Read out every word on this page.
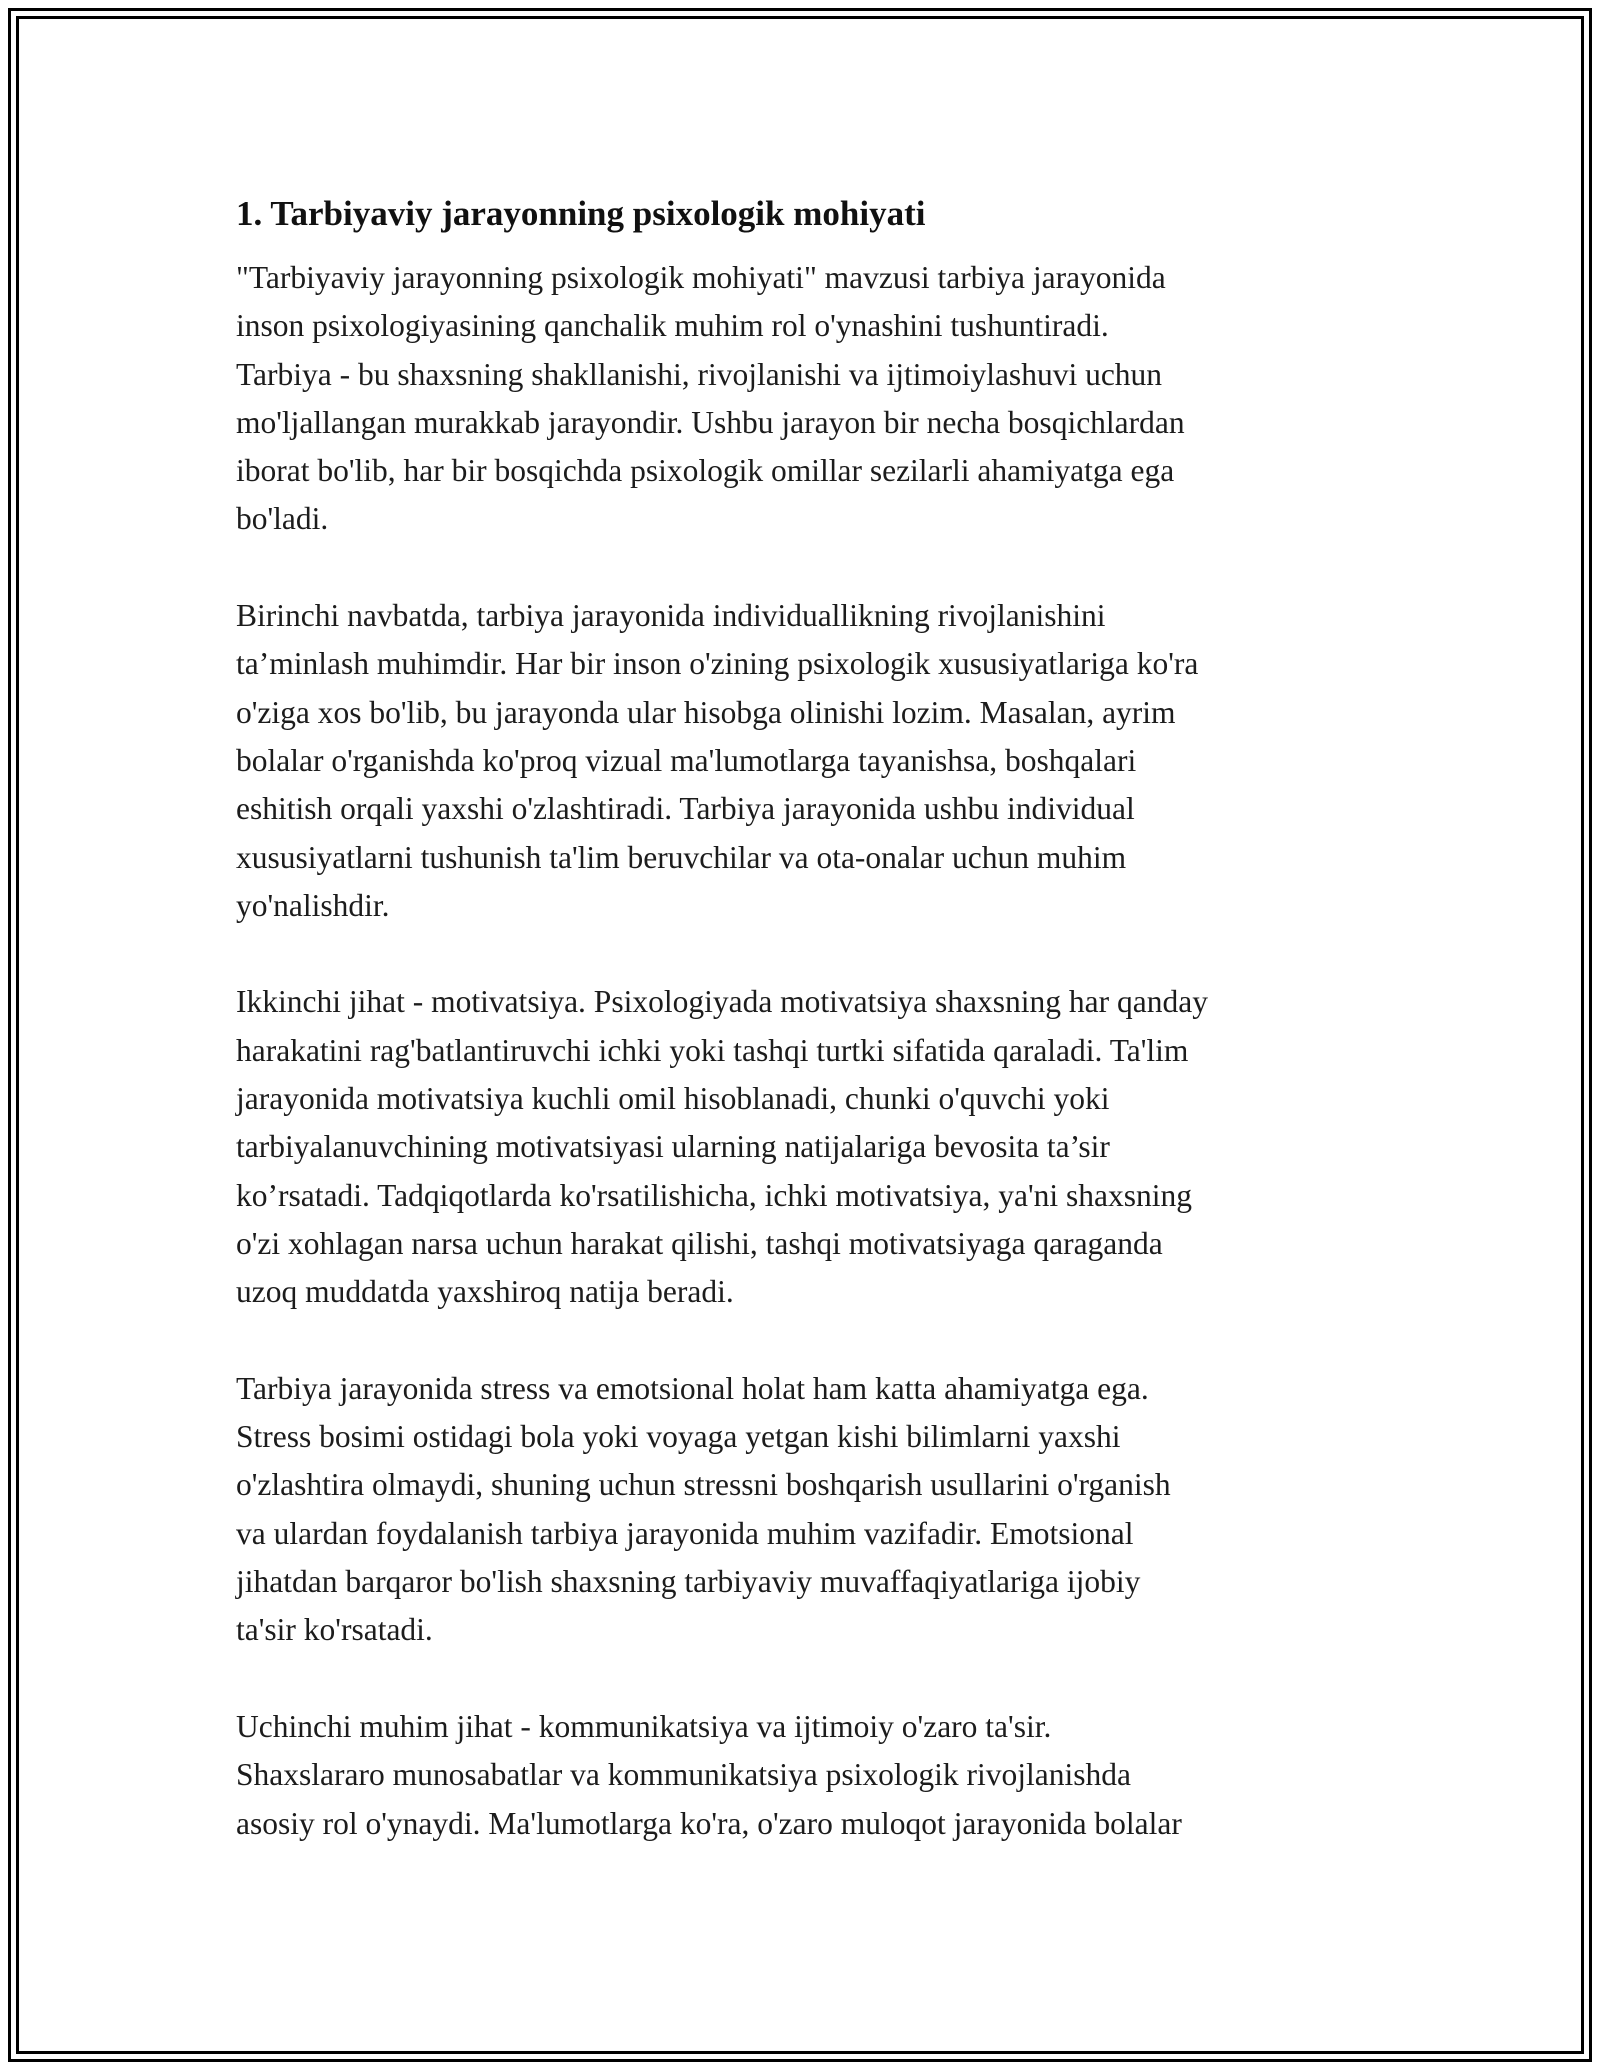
1. Tarbiyaviy jarayonning psixologik mohiyati

"Tarbiyaviy jarayonning psixologik mohiyati" mavzusi tarbiya jarayonida
inson psixologiyasining qanchalik muhim rol o'ynashini tushuntiradi.
Tarbiya - bu shaxsning shakllanishi, rivojlanishi va ijtimoiylashuvi uchun
mo'ljallangan murakkab jarayondir. Ushbu jarayon bir necha bosqichlardan
iborat bo'lib, har bir bosqichda psixologik omillar sezilarli ahamiyatga ega
bo'ladi.

Birinchi navbatda, tarbiya jarayonida individuallikning rivojlanishini
ta’minlash muhimdir. Har bir inson o'zining psixologik xususiyatlariga ko'ra
o'ziga xos bo'lib, bu jarayonda ular hisobga olinishi lozim. Masalan, ayrim
bolalar o'rganishda ko'proq vizual ma'lumotlarga tayanishsa, boshqalari
eshitish orqali yaxshi o'zlashtiradi. Tarbiya jarayonida ushbu individual
xususiyatlarni tushunish ta'lim beruvchilar va ota-onalar uchun muhim
yo'nalishdir.

Ikkinchi jihat - motivatsiya. Psixologiyada motivatsiya shaxsning har qanday
harakatini rag'batlantiruvchi ichki yoki tashqi turtki sifatida qaraladi. Ta'lim
jarayonida motivatsiya kuchli omil hisoblanadi, chunki o'quvchi yoki
tarbiyalanuvchining motivatsiyasi ularning natijalariga bevosita ta’sir
ko’rsatadi. Tadqiqotlarda ko'rsatilishicha, ichki motivatsiya, ya'ni shaxsning
o'zi xohlagan narsa uchun harakat qilishi, tashqi motivatsiyaga qaraganda
uzoq muddatda yaxshiroq natija beradi.

Tarbiya jarayonida stress va emotsional holat ham katta ahamiyatga ega.
Stress bosimi ostidagi bola yoki voyaga yetgan kishi bilimlarni yaxshi
o'zlashtira olmaydi, shuning uchun stressni boshqarish usullarini o'rganish
va ulardan foydalanish tarbiya jarayonida muhim vazifadir. Emotsional
jihatdan barqaror bo'lish shaxsning tarbiyaviy muvaffaqiyatlariga ijobiy
ta'sir ko'rsatadi.

Uchinchi muhim jihat - kommunikatsiya va ijtimoiy o'zaro ta'sir.
Shaxslararo munosabatlar va kommunikatsiya psixologik rivojlanishda
asosiy rol o'ynaydi. Ma'lumotlarga ko'ra, o'zaro muloqot jarayonida bolalar
